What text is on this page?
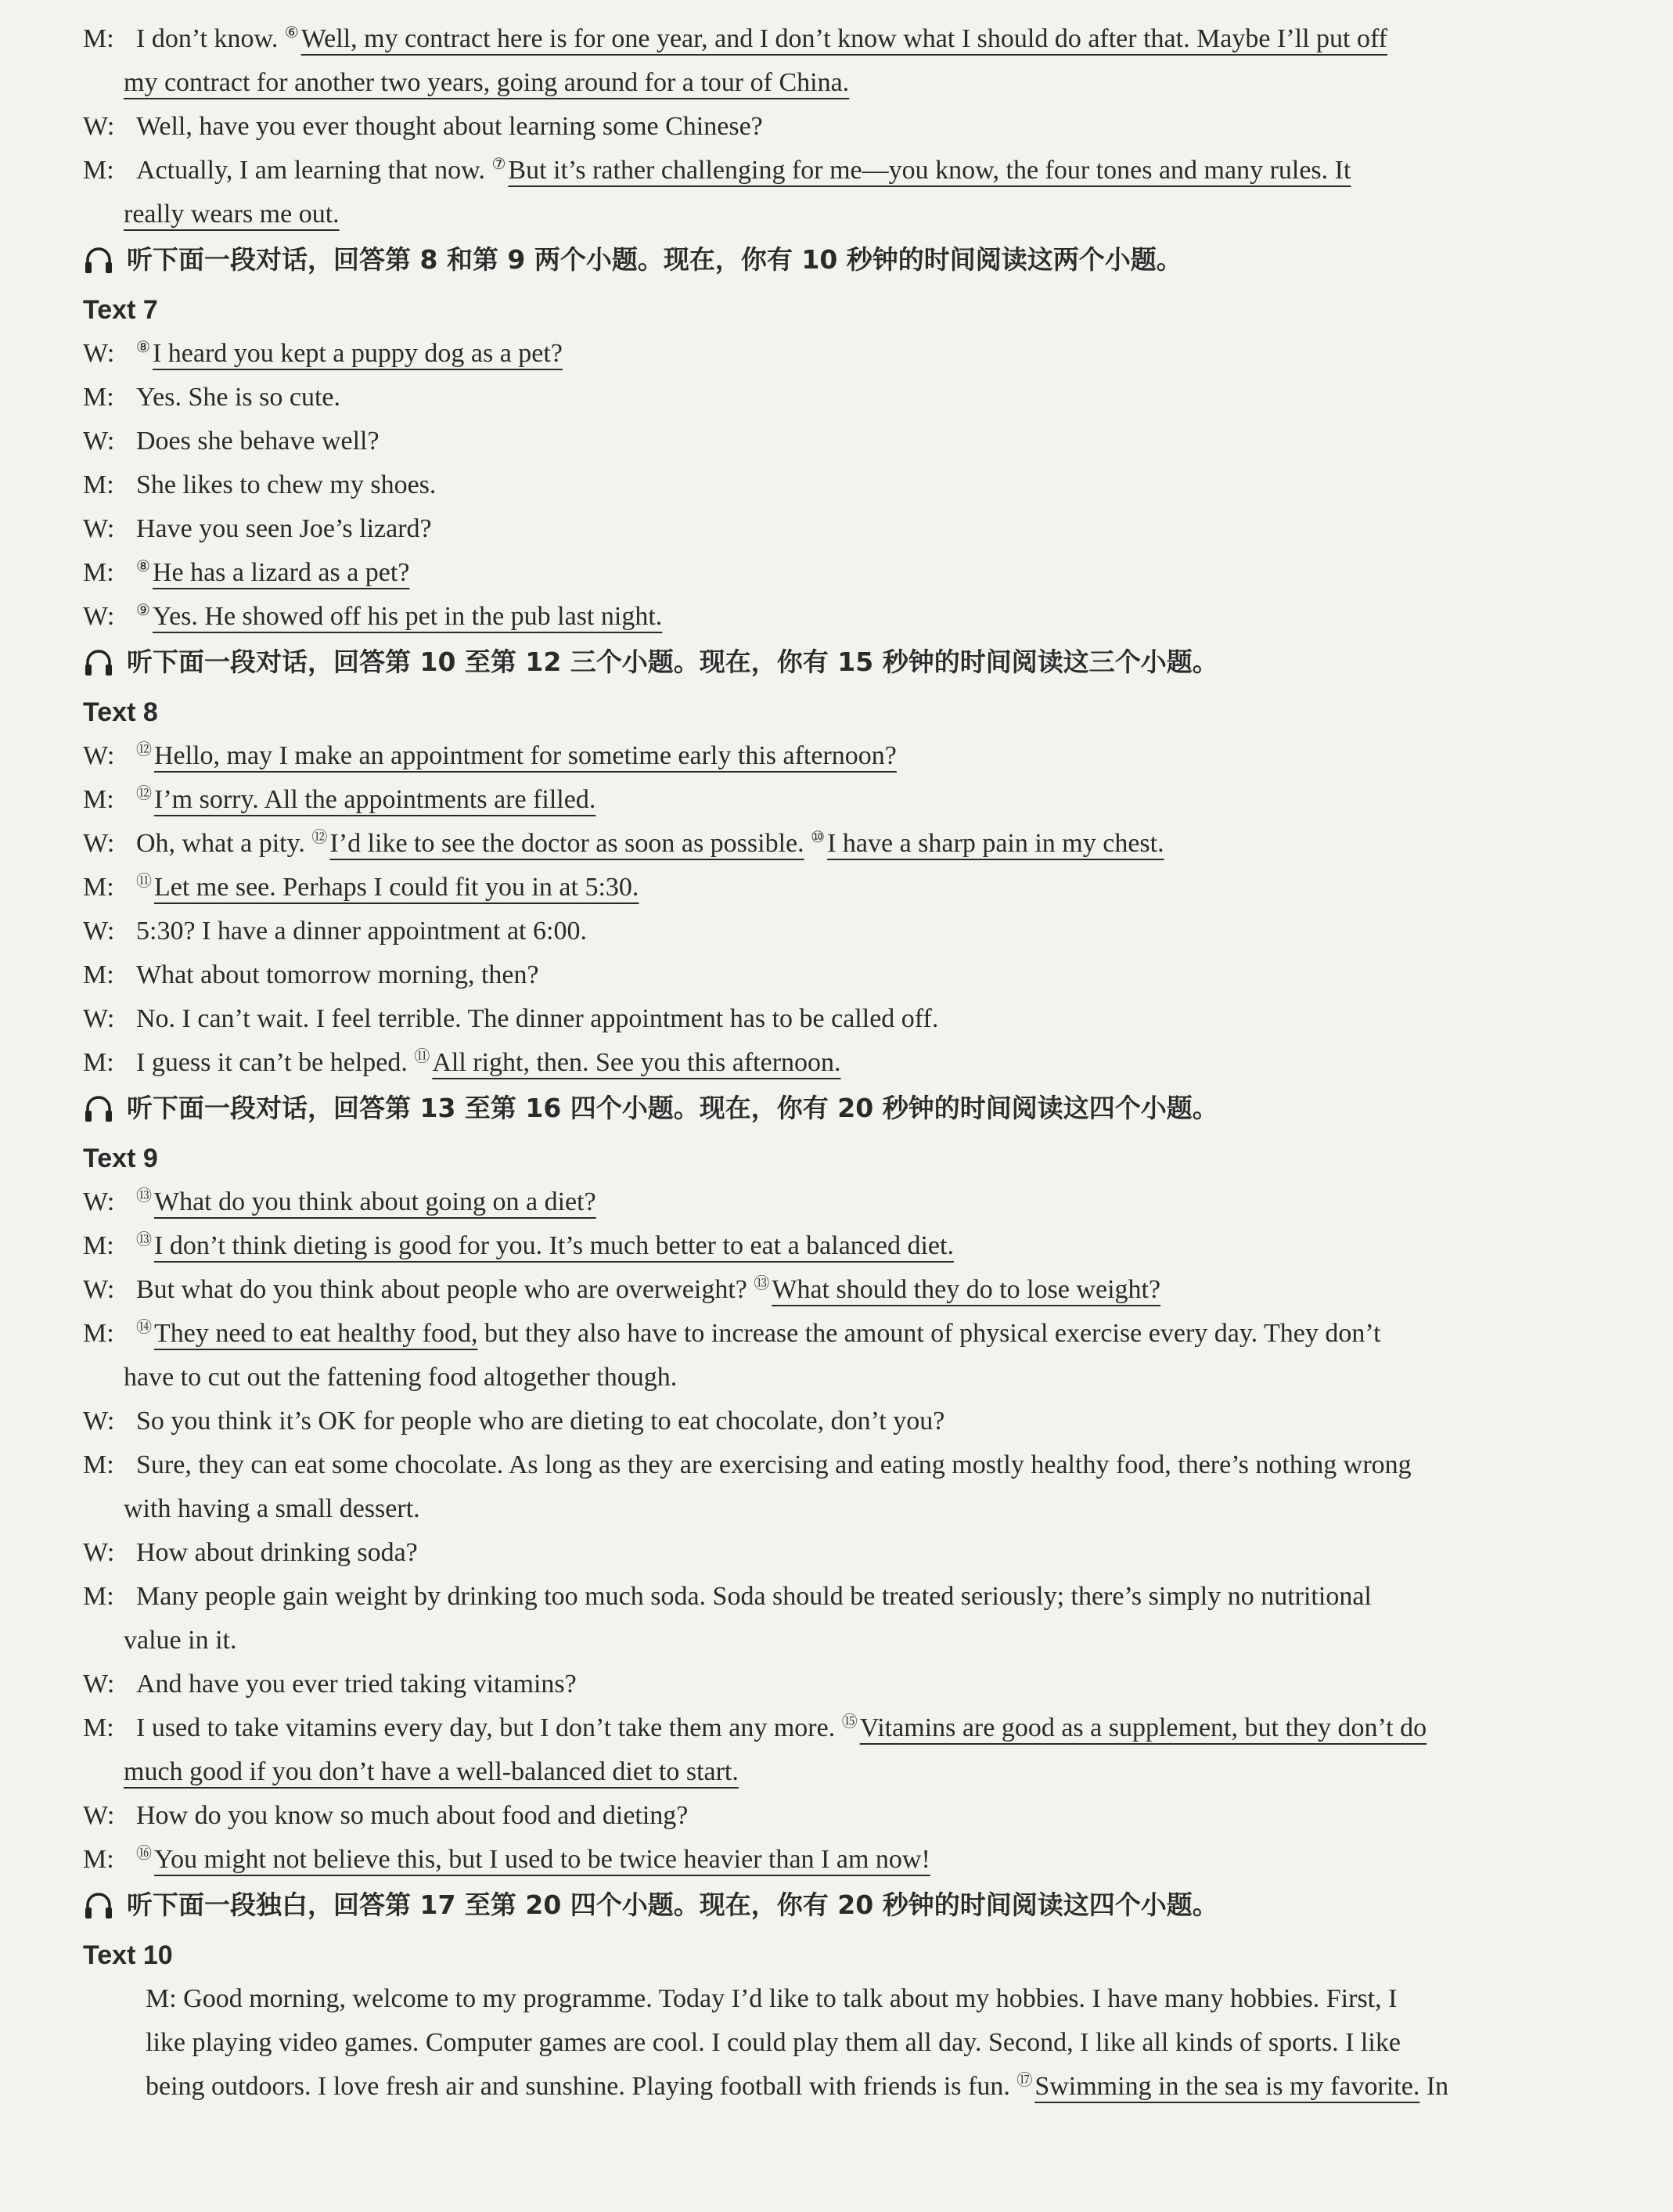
M: I don’t know. ⑥Well, my contract here is for one year, and I don’t know what I should do after that. Maybe I’ll put off
my contract for another two years, going around for a tour of China.
W: Well, have you ever thought about learning some Chinese?
M: Actually, I am learning that now. ⑦But it’s rather challenging for me—you know, the four tones and many rules. It
really wears me out.
听下面一段对话，回答第 8 和第 9 两个小题。现在，你有 10 秒钟的时间阅读这两个小题。
Text 7
W: ⑧I heard you kept a puppy dog as a pet?
M: Yes. She is so cute.
W: Does she behave well?
M: She likes to chew my shoes.
W: Have you seen Joe’s lizard?
M: ⑧He has a lizard as a pet?
W: ⑨Yes. He showed off his pet in the pub last night.
听下面一段对话，回答第 10 至第 12 三个小题。现在，你有 15 秒钟的时间阅读这三个小题。
Text 8
W: ⑫Hello, may I make an appointment for sometime early this afternoon?
M: ⑫I’m sorry. All the appointments are filled.
W: Oh, what a pity. ⑫I’d like to see the doctor as soon as possible. ⑩I have a sharp pain in my chest.
M: ⑪Let me see. Perhaps I could fit you in at 5:30.
W: 5:30? I have a dinner appointment at 6:00.
M: What about tomorrow morning, then?
W: No. I can’t wait. I feel terrible. The dinner appointment has to be called off.
M: I guess it can’t be helped. ⑪All right, then. See you this afternoon.
听下面一段对话，回答第 13 至第 16 四个小题。现在，你有 20 秒钟的时间阅读这四个小题。
Text 9
W: ⑬What do you think about going on a diet?
M: ⑬I don’t think dieting is good for you. It’s much better to eat a balanced diet.
W: But what do you think about people who are overweight? ⑬What should they do to lose weight?
M: ⑭They need to eat healthy food, but they also have to increase the amount of physical exercise every day. They don’t
have to cut out the fattening food altogether though.
W: So you think it’s OK for people who are dieting to eat chocolate, don’t you?
M: Sure, they can eat some chocolate. As long as they are exercising and eating mostly healthy food, there’s nothing wrong
with having a small dessert.
W: How about drinking soda?
M: Many people gain weight by drinking too much soda. Soda should be treated seriously; there’s simply no nutritional
value in it.
W: And have you ever tried taking vitamins?
M: I used to take vitamins every day, but I don’t take them any more. ⑮Vitamins are good as a supplement, but they don’t do
much good if you don’t have a well-balanced diet to start.
W: How do you know so much about food and dieting?
M: ⑯You might not believe this, but I used to be twice heavier than I am now!
听下面一段独白，回答第 17 至第 20 四个小题。现在，你有 20 秒钟的时间阅读这四个小题。
Text 10
M: Good morning, welcome to my programme. Today I’d like to talk about my hobbies. I have many hobbies. First, I
like playing video games. Computer games are cool. I could play them all day. Second, I like all kinds of sports. I like
being outdoors. I love fresh air and sunshine. Playing football with friends is fun. ⑰Swimming in the sea is my favorite. In
